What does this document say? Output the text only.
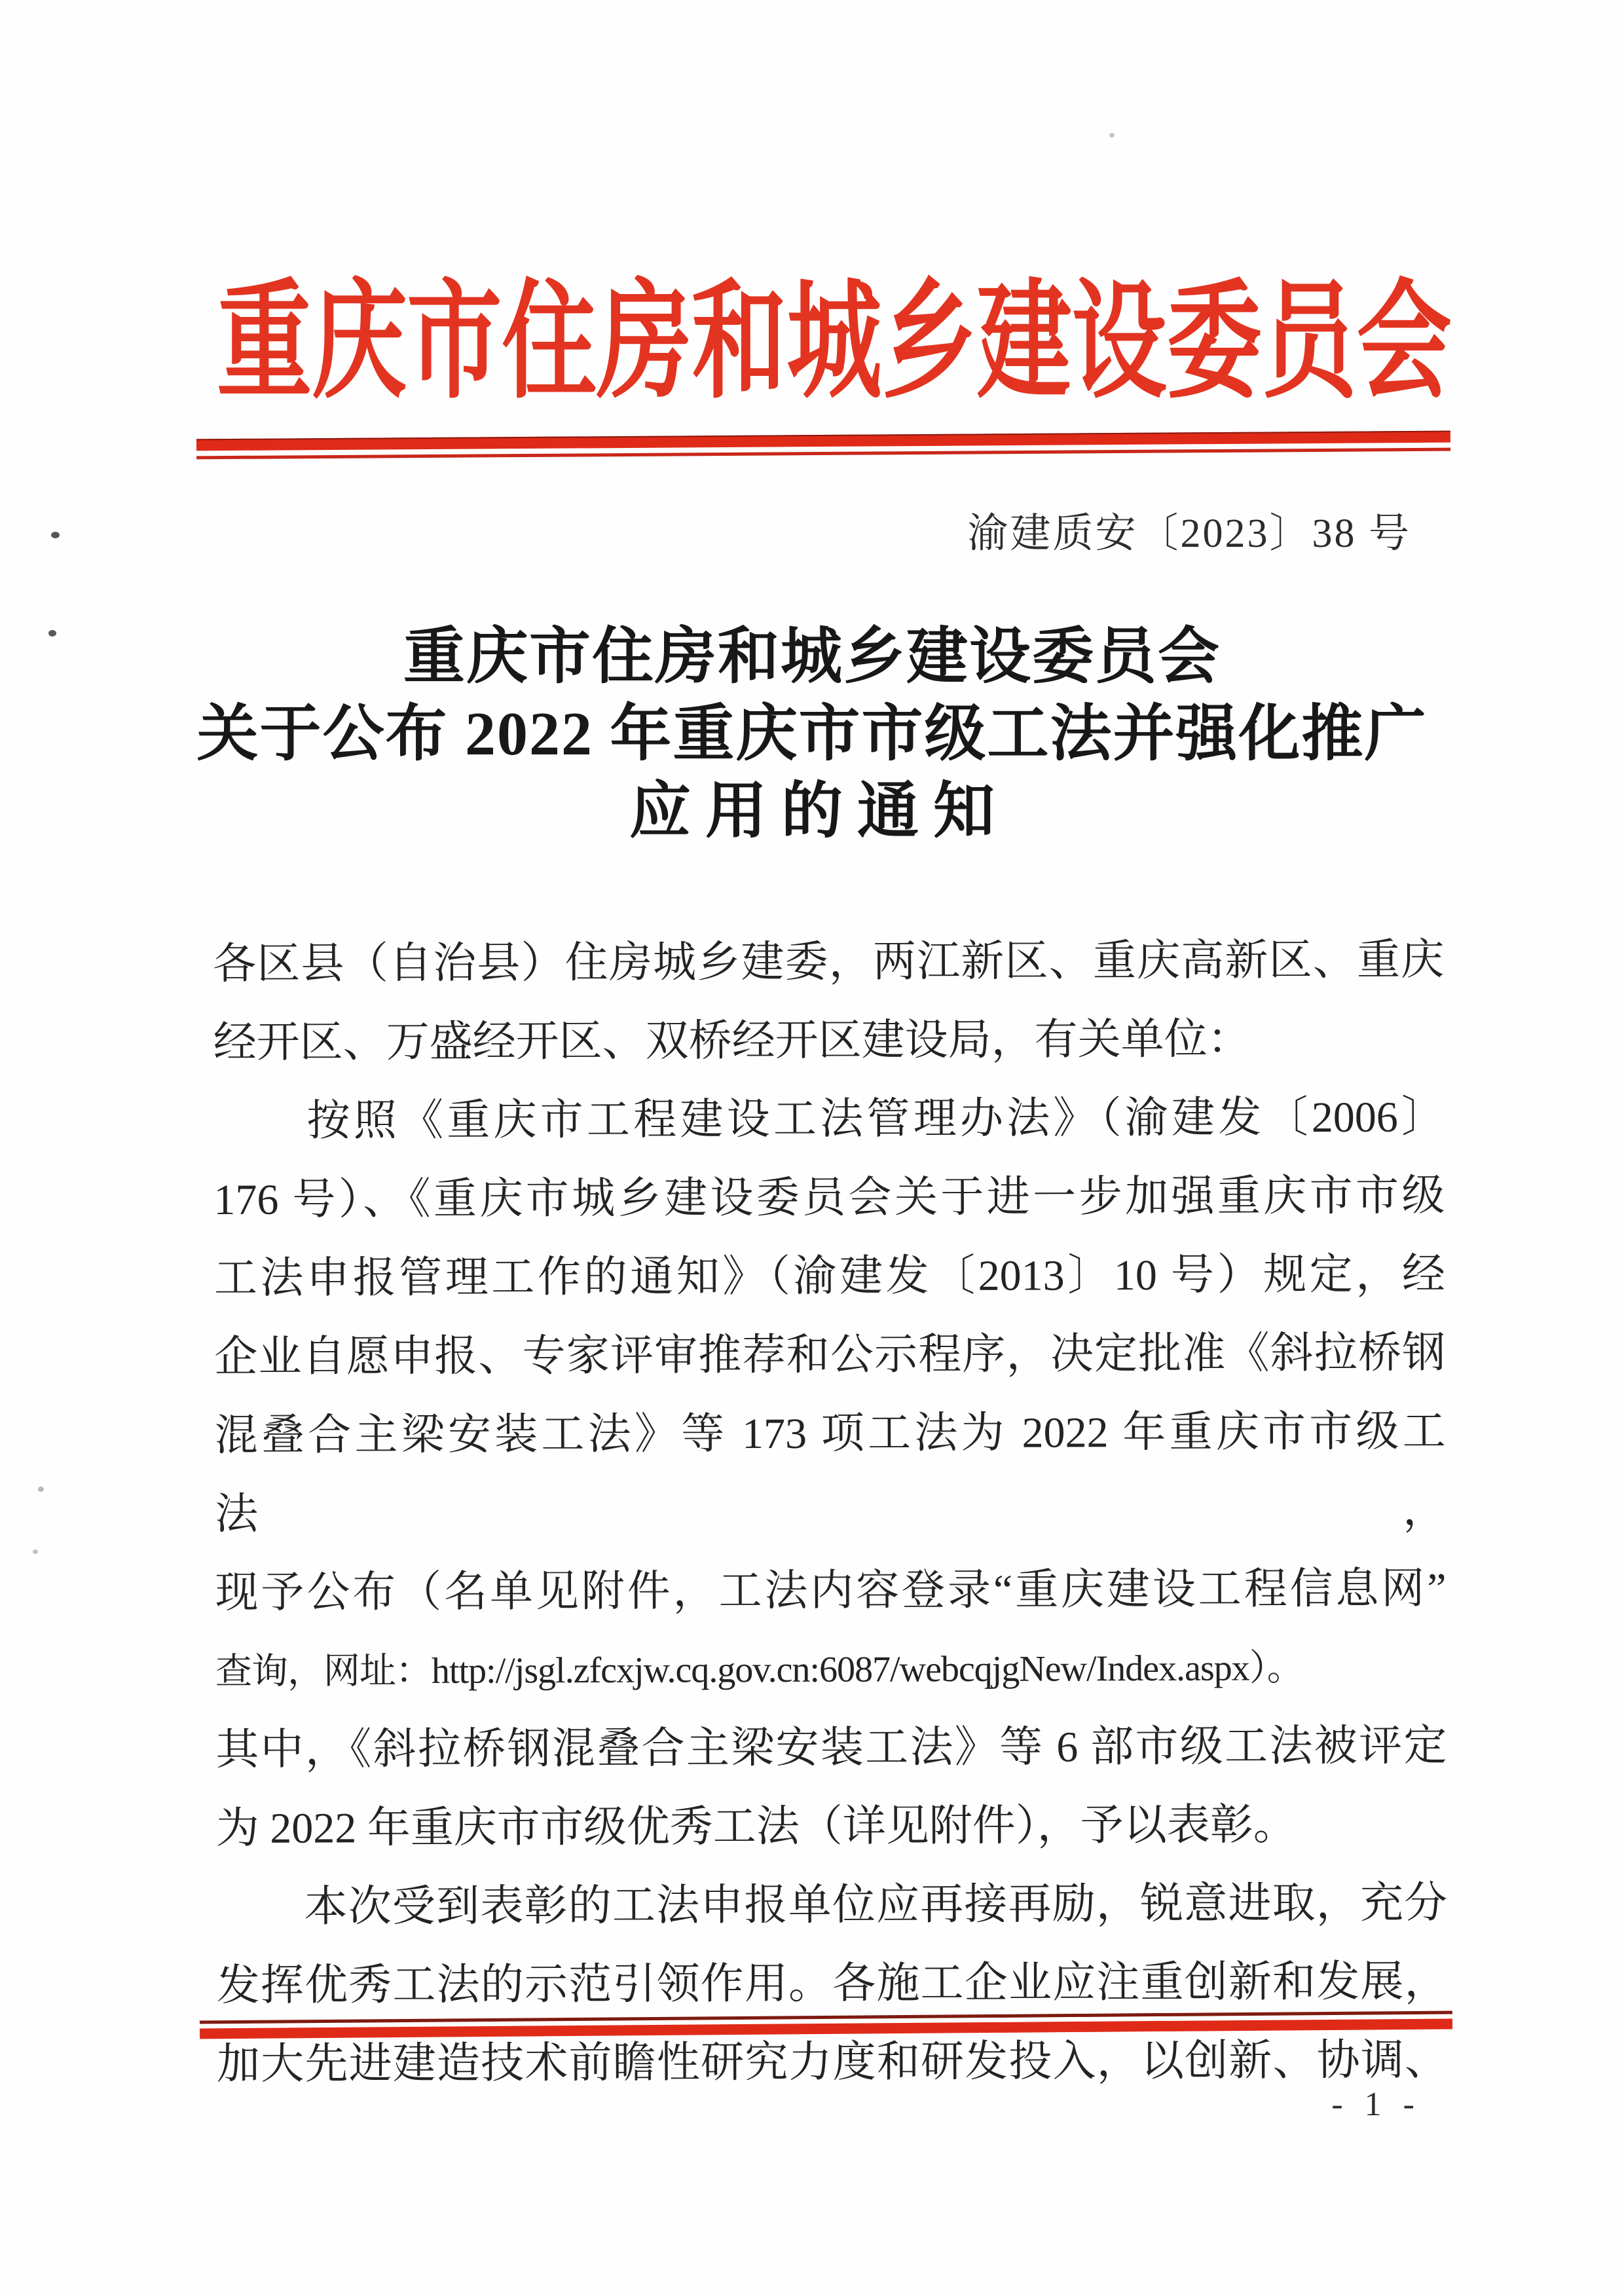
重庆市住房和城乡建设委员会
渝建质安〔2023〕38 号
重庆市住房和城乡建设委员会
关于公布 2022 年重庆市市级工法并强化推广
应用的通知
各区县（自治县）住房城乡建委，两江新区、重庆高新区、重庆
经开区、万盛经开区、双桥经开区建设局，有关单位：
　　按照《重庆市工程建设工法管理办法》（渝建发〔2006〕
176 号）、《重庆市城乡建设委员会关于进一步加强重庆市市级
工法申报管理工作的通知》（渝建发〔2013〕10 号）规定，经
企业自愿申报、专家评审推荐和公示程序，决定批准《斜拉桥钢
混叠合主梁安装工法》等 173 项工法为 2022 年重庆市市级工法，
现予公布（名单见附件，工法内容登录“重庆建设工程信息网”
查询，网址：http://jsgl.zfcxjw.cq.gov.cn:6087/webcqjgNew/Index.aspx）。
其中，《斜拉桥钢混叠合主梁安装工法》等 6 部市级工法被评定
为 2022 年重庆市市级优秀工法（详见附件），予以表彰。
　　本次受到表彰的工法申报单位应再接再励，锐意进取，充分
发挥优秀工法的示范引领作用。各施工企业应注重创新和发展，
加大先进建造技术前瞻性研究力度和研发投入，以创新、协调、
- 1 -
